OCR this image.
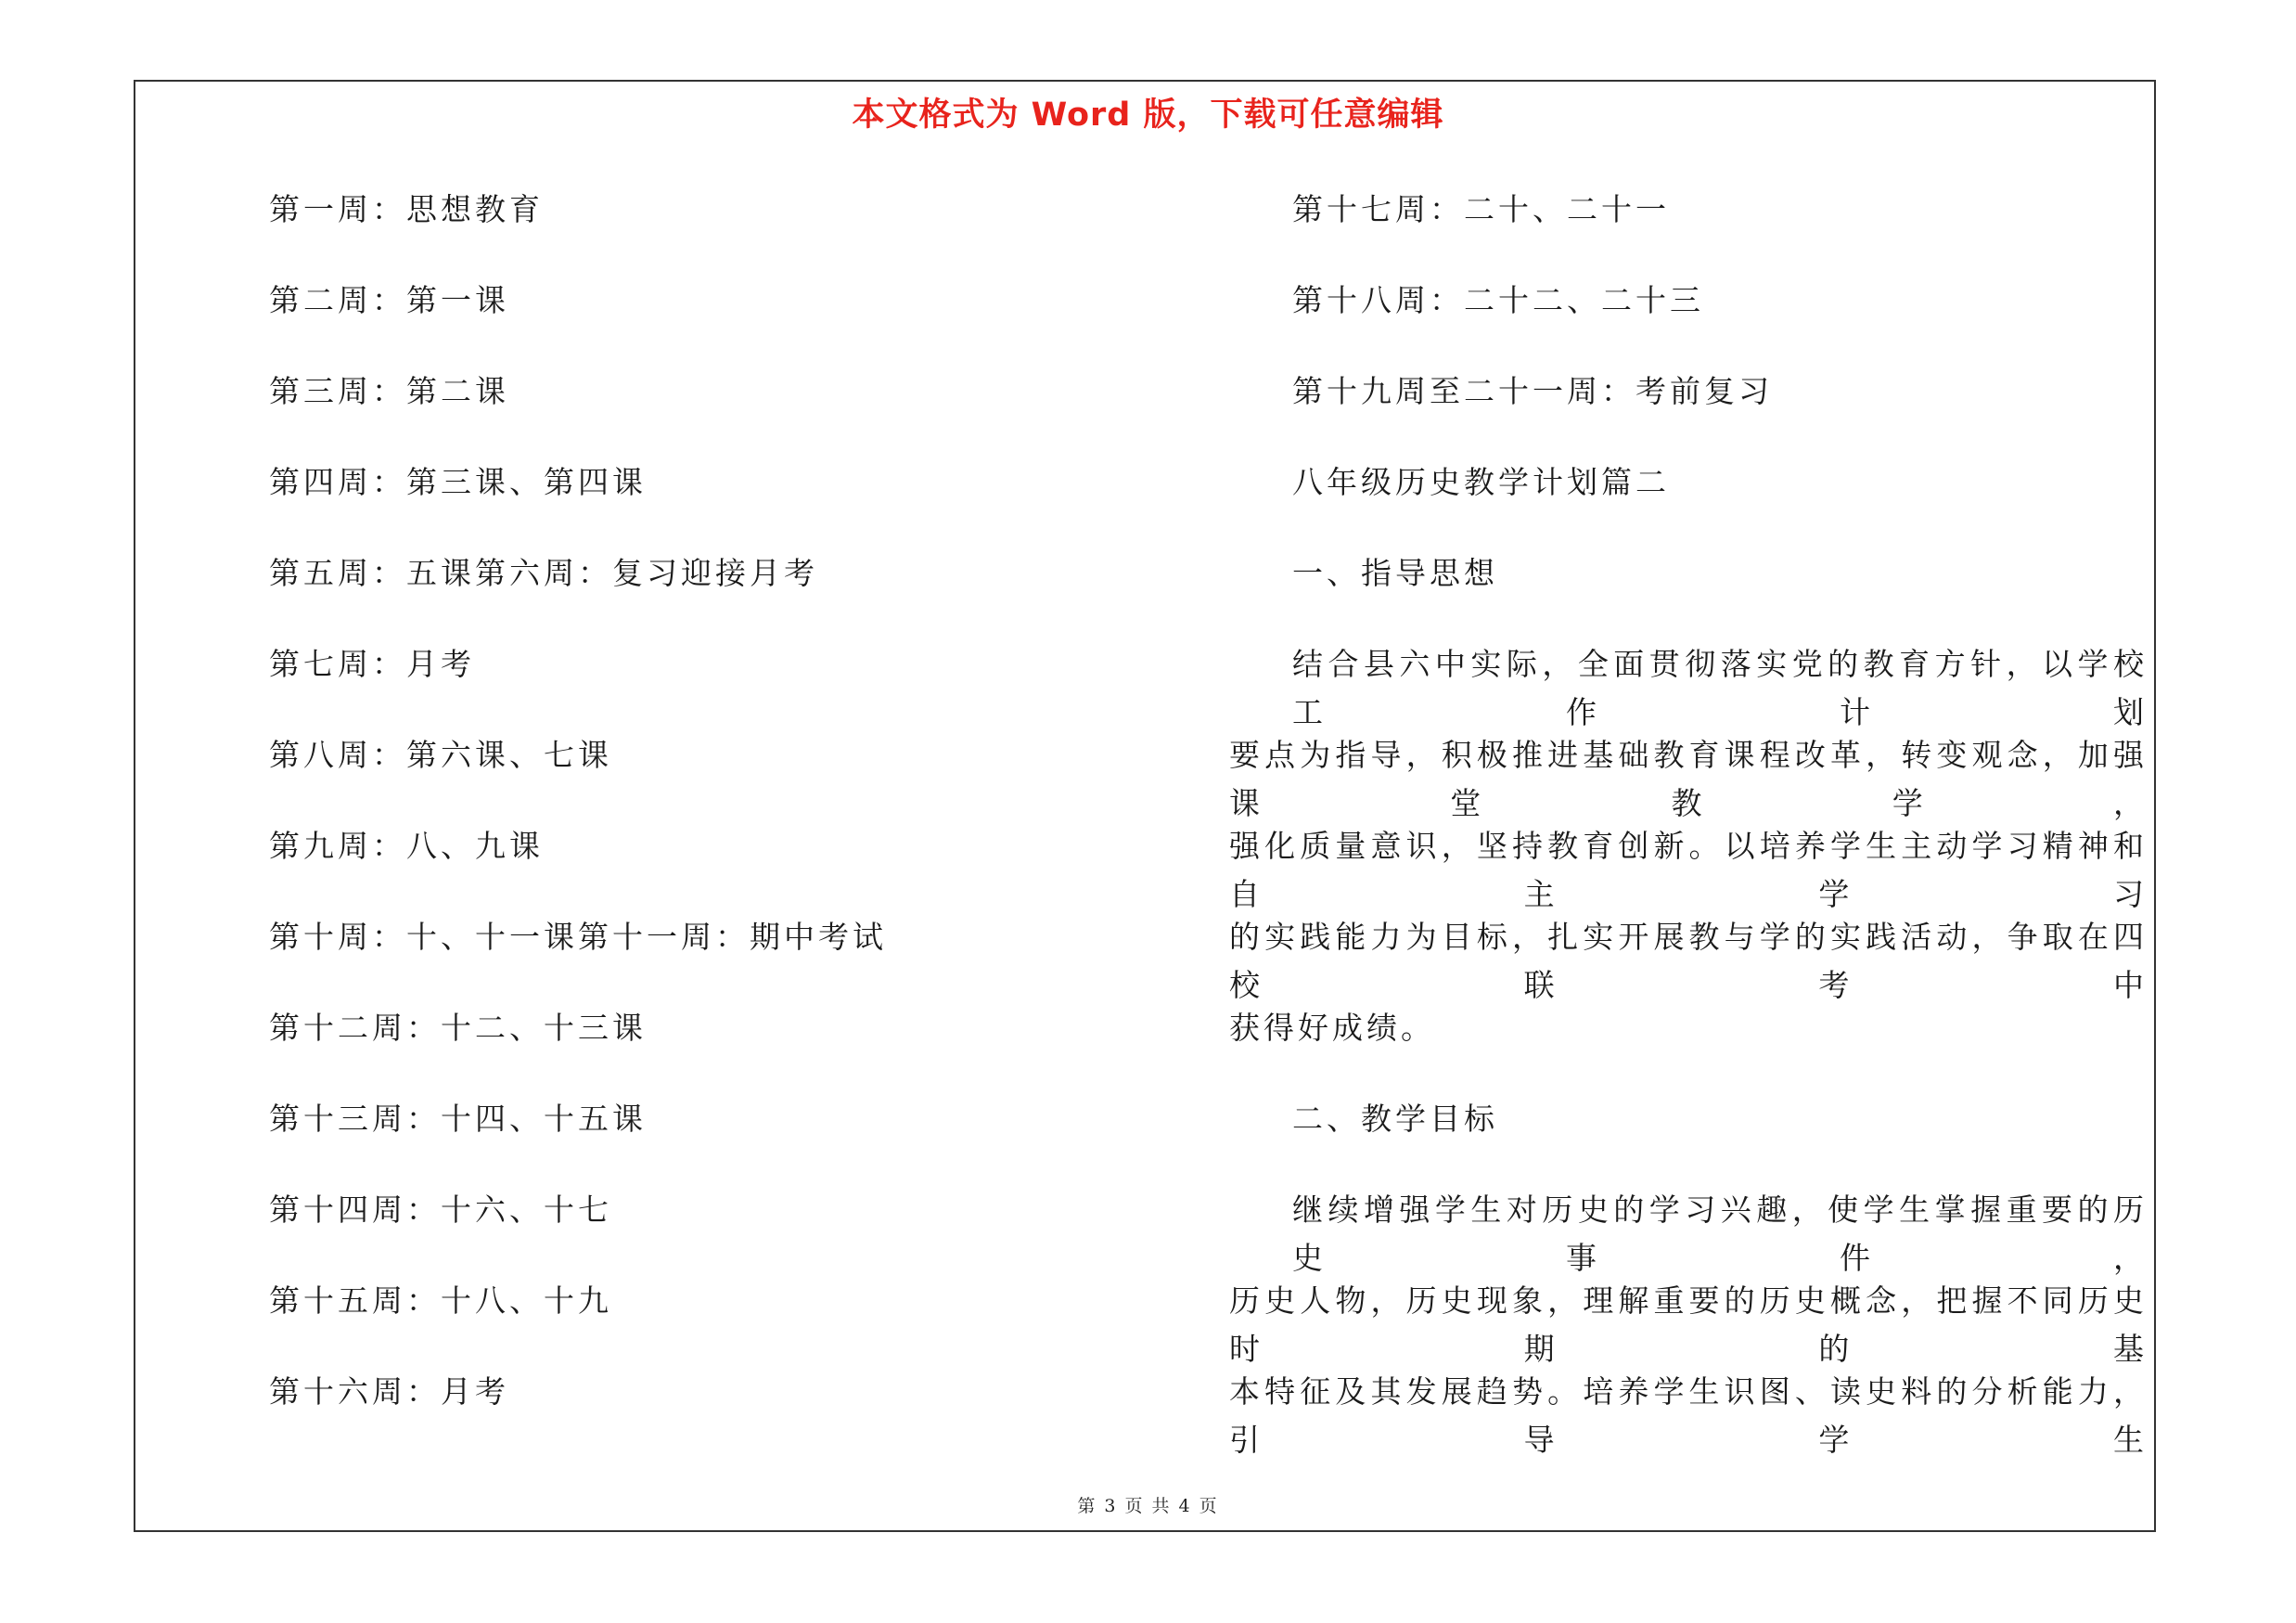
本文格式为 Word 版，下载可任意编辑
第一周：思想教育
第二周：第一课
第三周：第二课
第四周：第三课、第四课
第五周：五课第六周：复习迎接月考
第七周：月考
第八周：第六课、七课
第九周：八、九课
第十周：十、十一课第十一周：期中考试
第十二周：十二、十三课
第十三周：十四、十五课
第十四周：十六、十七
第十五周：十八、十九
第十六周：月考
第十七周：二十、二十一
第十八周：二十二、二十三
第十九周至二十一周：考前复习
八年级历史教学计划篇二
一、指导思想
结合县六中实际，全面贯彻落实党的教育方针，以学校工作计划
要点为指导，积极推进基础教育课程改革，转变观念，加强课堂教学，
强化质量意识，坚持教育创新。以培养学生主动学习精神和自主学习
的实践能力为目标，扎实开展教与学的实践活动，争取在四校联考中
获得好成绩。
二、教学目标
继续增强学生对历史的学习兴趣，使学生掌握重要的历史事件，
历史人物，历史现象，理解重要的历史概念，把握不同历史时期的基
本特征及其发展趋势。培养学生识图、读史料的分析能力，引导学生
第 3 页 共 4 页
